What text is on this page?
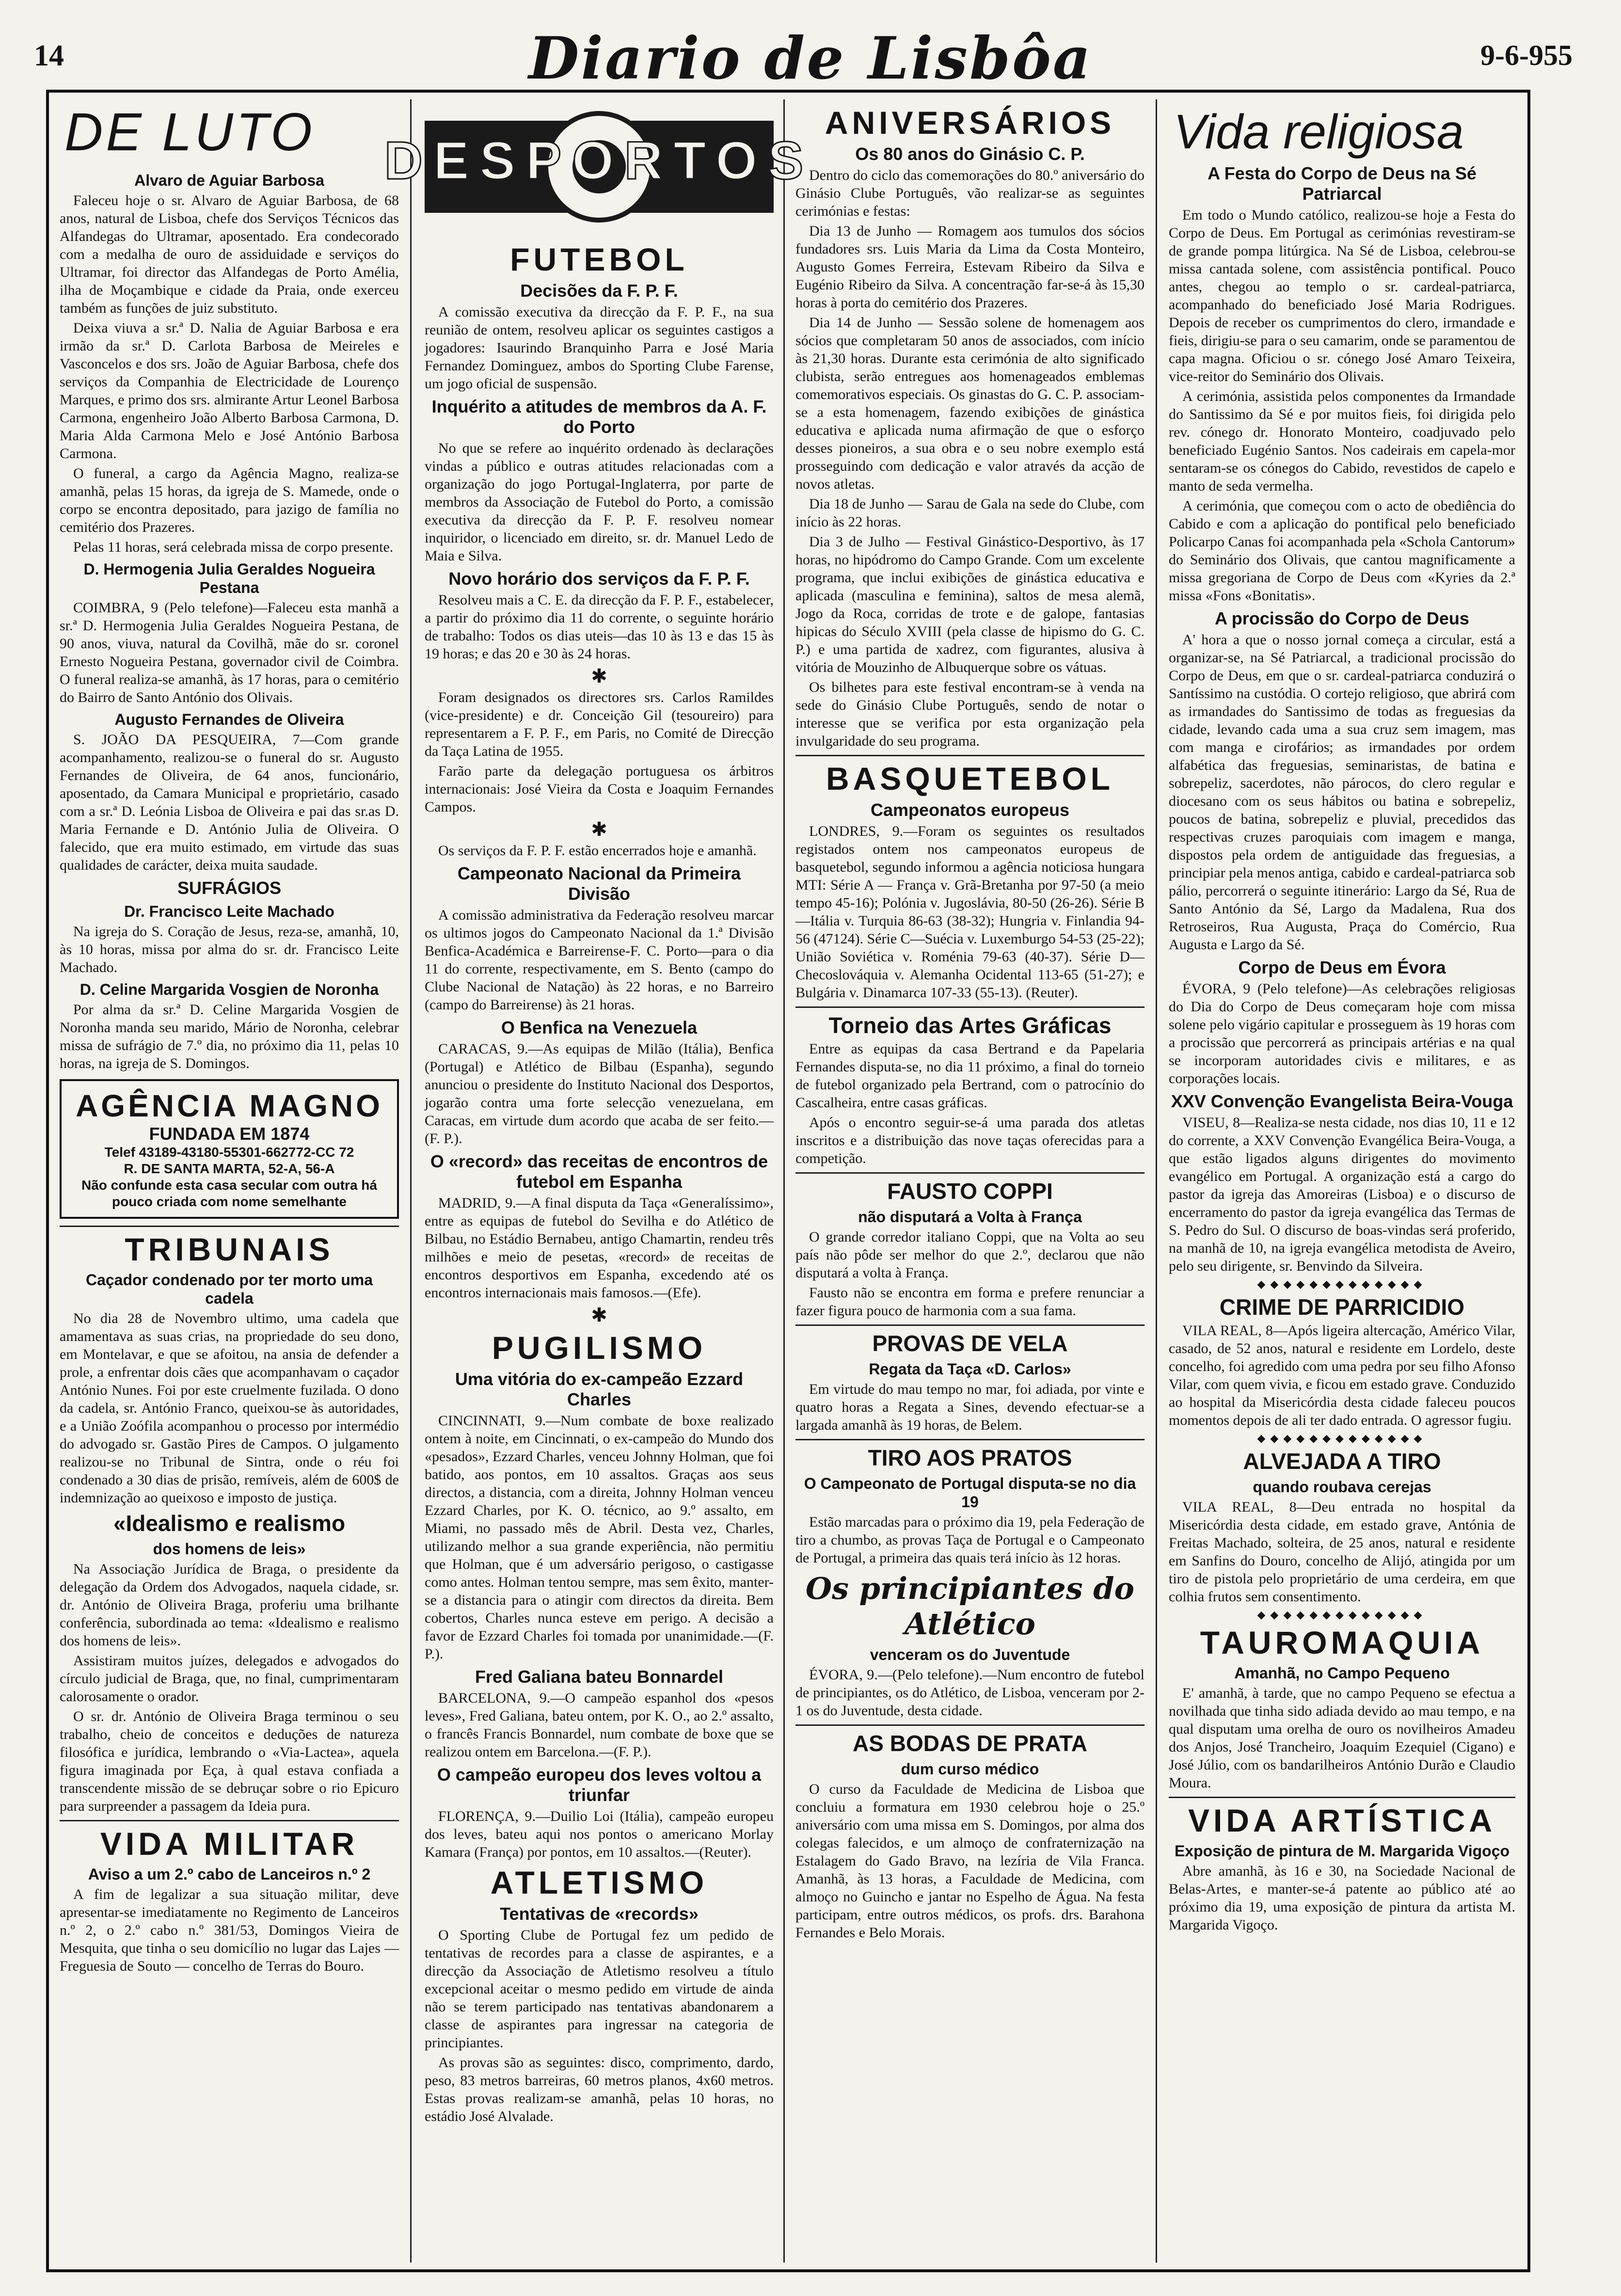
14	Diario de Lisbôa	9-6-955
DE LUTO
Alvaro de Aguiar Barbosa

Faleceu hoje o sr. Alvaro de Aguiar Barbosa, de 68 anos, natural de Lisboa, chefe dos Serviços Técnicos das Alfandegas do Ultramar, aposentado. Era condecorado com a medalha de ouro de assiduidade e serviços do Ultramar, foi director das Alfandegas de Porto Amélia, ilha de Moçambique e cidade da Praia, onde exerceu também as funções de juiz substituto.

Deixa viuva a sr.ª D. Nalia de Aguiar Barbosa e era irmão da sr.ª D. Carlota Barbosa de Meireles e Vasconcelos e dos srs. João de Aguiar Barbosa, chefe dos serviços da Companhia de Electricidade de Lourenço Marques, e primo dos srs. almirante Artur Leonel Barbosa Carmona, engenheiro João Alberto Barbosa Carmona, D. Maria Alda Carmona Melo e José António Barbosa Carmona.

O funeral, a cargo da Agência Magno, realiza-se amanhã, pelas 15 horas, da igreja de S. Mamede, onde o corpo se encontra depositado, para jazigo de família no cemitério dos Prazeres.

Pelas 11 horas, será celebrada missa de corpo presente.

D. Hermogenia Julia Geraldes Nogueira Pestana

COIMBRA, 9 (Pelo telefone)—Faleceu esta manhã a sr.ª D. Hermogenia Julia Geraldes Nogueira Pestana, de 90 anos, viuva, natural da Covilhã, mãe do sr. coronel Ernesto Nogueira Pestana, governador civil de Coimbra. O funeral realiza-se amanhã, às 17 horas, para o cemitério do Bairro de Santo António dos Olivais.

Augusto Fernandes de Oliveira

S. JOÃO DA PESQUEIRA, 7—Com grande acompanhamento, realizou-se o funeral do sr. Augusto Fernandes de Oliveira, de 64 anos, funcionário, aposentado, da Camara Municipal e proprietário, casado com a sr.ª D. Leónia Lisboa de Oliveira e pai das sr.as D. Maria Fernande e D. António Julia de Oliveira. O falecido, que era muito estimado, em virtude das suas qualidades de carácter, deixa muita saudade.

SUFRÁGIOS
Dr. Francisco Leite Machado

Na igreja do S. Coração de Jesus, reza-se, amanhã, 10, às 10 horas, missa por alma do sr. dr. Francisco Leite Machado.

D. Celine Margarida Vosgien de Noronha

Por alma da sr.ª D. Celine Margarida Vosgien de Noronha manda seu marido, Mário de Noronha, celebrar missa de sufrágio de 7.º dia, no próximo dia 11, pelas 10 horas, na igreja de S. Domingos.

AGÊNCIA MAGNO
FUNDADA EM 1874
Telef 43189-43180-55301-662772-CC 72
R. DE SANTA MARTA, 52-A, 56-A
Não confunde esta casa secular com outra há pouco criada com nome semelhante
TRIBUNAIS
Caçador condenado por ter morto uma cadela

No dia 28 de Novembro ultimo, uma cadela que amamentava as suas crias, na propriedade do seu dono, em Montelavar, e que se afoitou, na ansia de defender a prole, a enfrentar dois cães que acompanhavam o caçador António Nunes. Foi por este cruelmente fuzilada. O dono da cadela, sr. António Franco, queixou-se às autoridades, e a União Zoófila acompanhou o processo por intermédio do advogado sr. Gastão Pires de Campos. O julgamento realizou-se no Tribunal de Sintra, onde o réu foi condenado a 30 dias de prisão, remíveis, além de 600$ de indemnização ao queixoso e imposto de justiça.

«Idealismo e realismo
dos homens de leis»

Na Associação Jurídica de Braga, o presidente da delegação da Ordem dos Advogados, naquela cidade, sr. dr. António de Oliveira Braga, proferiu uma brilhante conferência, subordinada ao tema: «Idealismo e realismo dos homens de leis».

Assistiram muitos juízes, delegados e advogados do círculo judicial de Braga, que, no final, cumprimentaram calorosamente o orador.

O sr. dr. António de Oliveira Braga terminou o seu trabalho, cheio de conceitos e deduções de natureza filosófica e jurídica, lembrando o «Via-Lactea», aquela figura imaginada por Eça, à qual estava confiada a transcendente missão de se debruçar sobre o rio Epicuro para surpreender a passagem da Ideia pura.

VIDA MILITAR
Aviso a um 2.º cabo de Lanceiros n.º 2

A fim de legalizar a sua situação militar, deve apresentar-se imediatamente no Regimento de Lanceiros n.º 2, o 2.º cabo n.º 381/53, Domingos Vieira de Mesquita, que tinha o seu domicílio no lugar das Lajes — Freguesia de Souto — concelho de Terras do Bouro.

DESPORTOS
FUTEBOL
Decisões da F. P. F.

A comissão executiva da direcção da F. P. F., na sua reunião de ontem, resolveu aplicar os seguintes castigos a jogadores: Isaurindo Branquinho Parra e José Maria Fernandez Dominguez, ambos do Sporting Clube Farense, um jogo oficial de suspensão.

Inquérito a atitudes de membros da A. F. do Porto

No que se refere ao inquérito ordenado às declarações vindas a público e outras atitudes relacionadas com a organização do jogo Portugal-Inglaterra, por parte de membros da Associação de Futebol do Porto, a comissão executiva da direcção da F. P. F. resolveu nomear inquiridor, o licenciado em direito, sr. dr. Manuel Ledo de Maia e Silva.

Novo horário dos serviços da F. P. F.

Resolveu mais a C. E. da direcção da F. P. F., estabelecer, a partir do próximo dia 11 do corrente, o seguinte horário de trabalho: Todos os dias uteis—das 10 às 13 e das 15 às 19 horas; e das 20 e 30 às 24 horas.

✱

Foram designados os directores srs. Carlos Ramildes (vice-presidente) e dr. Conceição Gil (tesoureiro) para representarem a F. P. F., em Paris, no Comité de Direcção da Taça Latina de 1955.

Farão parte da delegação portuguesa os árbitros internacionais: José Vieira da Costa e Joaquim Fernandes Campos.

✱

Os serviços da F. P. F. estão encerrados hoje e amanhã.

Campeonato Nacional da Primeira Divisão

A comissão administrativa da Federação resolveu marcar os ultimos jogos do Campeonato Nacional da 1.ª Divisão Benfica-Académica e Barreirense-F. C. Porto—para o dia 11 do corrente, respectivamente, em S. Bento (campo do Clube Nacional de Natação) às 22 horas, e no Barreiro (campo do Barreirense) às 21 horas.

O Benfica na Venezuela

CARACAS, 9.—As equipas de Milão (Itália), Benfica (Portugal) e Atlético de Bilbau (Espanha), segundo anunciou o presidente do Instituto Nacional dos Desportos, jogarão contra uma forte selecção venezuelana, em Caracas, em virtude dum acordo que acaba de ser feito.—(F. P.).

O «record» das receitas de encontros de futebol em Espanha

MADRID, 9.—A final disputa da Taça «Generalíssimo», entre as equipas de futebol do Sevilha e do Atlético de Bilbau, no Estádio Bernabeu, antigo Chamartin, rendeu três milhões e meio de pesetas, «record» de receitas de encontros desportivos em Espanha, excedendo até os encontros internacionais mais famosos.—(Efe).

✱
PUGILISMO
Uma vitória do ex-campeão Ezzard Charles

CINCINNATI, 9.—Num combate de boxe realizado ontem à noite, em Cincinnati, o ex-campeão do Mundo dos «pesados», Ezzard Charles, venceu Johnny Holman, que foi batido, aos pontos, em 10 assaltos. Graças aos seus directos, a distancia, com a direita, Johnny Holman venceu Ezzard Charles, por K. O. técnico, ao 9.º assalto, em Miami, no passado mês de Abril. Desta vez, Charles, utilizando melhor a sua grande experiência, não permitiu que Holman, que é um adversário perigoso, o castigasse como antes. Holman tentou sempre, mas sem êxito, manter-se a distancia para o atingir com directos da direita. Bem cobertos, Charles nunca esteve em perigo. A decisão a favor de Ezzard Charles foi tomada por unanimidade.—(F. P.).

Fred Galiana bateu Bonnardel

BARCELONA, 9.—O campeão espanhol dos «pesos leves», Fred Galiana, bateu ontem, por K. O., ao 2.º assalto, o francês Francis Bonnardel, num combate de boxe que se realizou ontem em Barcelona.—(F. P.).

O campeão europeu dos leves voltou a triunfar

FLORENÇA, 9.—Duilio Loi (Itália), campeão europeu dos leves, bateu aqui nos pontos o americano Morlay Kamara (França) por pontos, em 10 assaltos.—(Reuter).

ATLETISMO
Tentativas de «records»

O Sporting Clube de Portugal fez um pedido de tentativas de recordes para a classe de aspirantes, e a direcção da Associação de Atletismo resolveu a título excepcional aceitar o mesmo pedido em virtude de ainda não se terem participado nas tentativas abandonarem a classe de aspirantes para ingressar na categoria de principiantes.

As provas são as seguintes: disco, comprimento, dardo, peso, 83 metros barreiras, 60 metros planos, 4x60 metros. Estas provas realizam-se amanhã, pelas 10 horas, no estádio José Alvalade.

ANIVERSÁRIOS
Os 80 anos do Ginásio C. P.

Dentro do ciclo das comemorações do 80.º aniversário do Ginásio Clube Português, vão realizar-se as seguintes cerimónias e festas:

Dia 13 de Junho — Romagem aos tumulos dos sócios fundadores srs. Luis Maria da Lima da Costa Monteiro, Augusto Gomes Ferreira, Estevam Ribeiro da Silva e Eugénio Ribeiro da Silva. A concentração far-se-á às 15,30 horas à porta do cemitério dos Prazeres.

Dia 14 de Junho — Sessão solene de homenagem aos sócios que completaram 50 anos de associados, com início às 21,30 horas. Durante esta cerimónia de alto significado clubista, serão entregues aos homenageados emblemas comemorativos especiais. Os ginastas do G. C. P. associam-se a esta homenagem, fazendo exibições de ginástica educativa e aplicada numa afirmação de que o esforço desses pioneiros, a sua obra e o seu nobre exemplo está prosseguindo com dedicação e valor através da acção de novos atletas.

Dia 18 de Junho — Sarau de Gala na sede do Clube, com início às 22 horas.

Dia 3 de Julho — Festival Ginástico-Desportivo, às 17 horas, no hipódromo do Campo Grande. Com um excelente programa, que inclui exibições de ginástica educativa e aplicada (masculina e feminina), saltos de mesa alemã, Jogo da Roca, corridas de trote e de galope, fantasias hipicas do Século XVIII (pela classe de hipismo do G. C. P.) e uma partida de xadrez, com figurantes, alusiva à vitória de Mouzinho de Albuquerque sobre os vátuas.

Os bilhetes para este festival encontram-se à venda na sede do Ginásio Clube Português, sendo de notar o interesse que se verifica por esta organização pela invulgaridade do seu programa.

BASQUETEBOL
Campeonatos europeus

LONDRES, 9.—Foram os seguintes os resultados registados ontem nos campeonatos europeus de basquetebol, segundo informou a agência noticiosa hungara MTI: Série A — França v. Grã-Bretanha por 97-50 (a meio tempo 45-16); Polónia v. Jugoslávia, 80-50 (26-26). Série B—Itália v. Turquia 86-63 (38-32); Hungria v. Finlandia 94-56 (47124). Série C—Suécia v. Luxemburgo 54-53 (25-22); União Soviética v. Roménia 79-63 (40-37). Série D—Checoslováquia v. Alemanha Ocidental 113-65 (51-27); e Bulgária v. Dinamarca 107-33 (55-13). (Reuter).

Torneio das Artes Gráficas

Entre as equipas da casa Bertrand e da Papelaria Fernandes disputa-se, no dia 11 próximo, a final do torneio de futebol organizado pela Bertrand, com o patrocínio do Cascalheira, entre casas gráficas.

Após o encontro seguir-se-á uma parada dos atletas inscritos e a distribuição das nove taças oferecidas para a competição.

FAUSTO COPPI
não disputará a Volta à França

O grande corredor italiano Coppi, que na Volta ao seu país não pôde ser melhor do que 2.º, declarou que não disputará a volta à França.

Fausto não se encontra em forma e prefere renunciar a fazer figura pouco de harmonia com a sua fama.

PROVAS DE VELA
Regata da Taça «D. Carlos»

Em virtude do mau tempo no mar, foi adiada, por vinte e quatro horas a Regata a Sines, devendo efectuar-se a largada amanhã às 19 horas, de Belem.

TIRO AOS PRATOS
O Campeonato de Portugal disputa-se no dia 19

Estão marcadas para o próximo dia 19, pela Federação de tiro a chumbo, as provas Taça de Portugal e o Campeonato de Portugal, a primeira das quais terá início às 12 horas.

Os principiantes do Atlético
venceram os do Juventude

ÉVORA, 9.—(Pelo telefone).—Num encontro de futebol de principiantes, os do Atlético, de Lisboa, venceram por 2-1 os do Juventude, desta cidade.

AS BODAS DE PRATA
dum curso médico

O curso da Faculdade de Medicina de Lisboa que concluiu a formatura em 1930 celebrou hoje o 25.º aniversário com uma missa em S. Domingos, por alma dos colegas falecidos, e um almoço de confraternização na Estalagem do Gado Bravo, na lezíria de Vila Franca. Amanhã, às 13 horas, a Faculdade de Medicina, com almoço no Guincho e jantar no Espelho de Água. Na festa participam, entre outros médicos, os profs. drs. Barahona Fernandes e Belo Morais.

Vida religiosa
A Festa do Corpo de Deus na Sé Patriarcal

Em todo o Mundo católico, realizou-se hoje a Festa do Corpo de Deus. Em Portugal as cerimónias revestiram-se de grande pompa litúrgica. Na Sé de Lisboa, celebrou-se missa cantada solene, com assistência pontifical. Pouco antes, chegou ao templo o sr. cardeal-patriarca, acompanhado do beneficiado José Maria Rodrigues. Depois de receber os cumprimentos do clero, irmandade e fieis, dirigiu-se para o seu camarim, onde se paramentou de capa magna. Oficiou o sr. cónego José Amaro Teixeira, vice-reitor do Seminário dos Olivais.

A cerimónia, assistida pelos componentes da Irmandade do Santissimo da Sé e por muitos fieis, foi dirigida pelo rev. cónego dr. Honorato Monteiro, coadjuvado pelo beneficiado Eugénio Santos. Nos cadeirais em capela-mor sentaram-se os cónegos do Cabido, revestidos de capelo e manto de seda vermelha.

A cerimónia, que começou com o acto de obediência do Cabido e com a aplicação do pontifical pelo beneficiado Policarpo Canas foi acompanhada pela «Schola Cantorum» do Seminário dos Olivais, que cantou magnificamente a missa gregoriana de Corpo de Deus com «Kyries da 2.ª missa «Fons «Bonitatis».

A procissão do Corpo de Deus

A' hora a que o nosso jornal começa a circular, está a organizar-se, na Sé Patriarcal, a tradicional procissão do Corpo de Deus, em que o sr. cardeal-patriarca conduzirá o Santíssimo na custódia. O cortejo religioso, que abrirá com as irmandades do Santissimo de todas as freguesias da cidade, levando cada uma a sua cruz sem imagem, mas com manga e cirofários; as irmandades por ordem alfabética das freguesias, seminaristas, de batina e sobrepeliz, sacerdotes, não párocos, do clero regular e diocesano com os seus hábitos ou batina e sobrepeliz, poucos de batina, sobrepeliz e pluvial, precedidos das respectivas cruzes paroquiais com imagem e manga, dispostos pela ordem de antiguidade das freguesias, a principiar pela menos antiga, cabido e cardeal-patriarca sob pálio, percorrerá o seguinte itinerário: Largo da Sé, Rua de Santo António da Sé, Largo da Madalena, Rua dos Retroseiros, Rua Augusta, Praça do Comércio, Rua Augusta e Largo da Sé.

Corpo de Deus em Évora

ÉVORA, 9 (Pelo telefone)—As celebrações religiosas do Dia do Corpo de Deus começaram hoje com missa solene pelo vigário capitular e prosseguem às 19 horas com a procissão que percorrerá as principais artérias e na qual se incorporam autoridades civis e militares, e as corporações locais.

XXV Convenção Evangelista Beira-Vouga

VISEU, 8—Realiza-se nesta cidade, nos dias 10, 11 e 12 do corrente, a XXV Convenção Evangélica Beira-Vouga, a que estão ligados alguns dirigentes do movimento evangélico em Portugal. A organização está a cargo do pastor da igreja das Amoreiras (Lisboa) e o discurso de encerramento do pastor da igreja evangélica das Termas de S. Pedro do Sul. O discurso de boas-vindas será proferido, na manhã de 10, na igreja evangélica metodista de Aveiro, pelo seu dirigente, sr. Benvindo da Silveira.

◆◆◆◆◆◆◆◆◆◆◆◆◆
CRIME DE PARRICIDIO

VILA REAL, 8—Após ligeira altercação, Américo Vilar, casado, de 52 anos, natural e residente em Lordelo, deste concelho, foi agredido com uma pedra por seu filho Afonso Vilar, com quem vivia, e ficou em estado grave. Conduzido ao hospital da Misericórdia desta cidade faleceu poucos momentos depois de ali ter dado entrada. O agressor fugiu.

◆◆◆◆◆◆◆◆◆◆◆◆◆
ALVEJADA A TIRO
quando roubava cerejas

VILA REAL, 8—Deu entrada no hospital da Misericórdia desta cidade, em estado grave, Antónia de Freitas Machado, solteira, de 25 anos, natural e residente em Sanfins do Douro, concelho de Alijó, atingida por um tiro de pistola pelo proprietário de uma cerdeira, em que colhia frutos sem consentimento.

◆◆◆◆◆◆◆◆◆◆◆◆◆
TAUROMAQUIA
Amanhã, no Campo Pequeno

E' amanhã, à tarde, que no campo Pequeno se efectua a novilhada que tinha sido adiada devido ao mau tempo, e na qual disputam uma orelha de ouro os novilheiros Amadeu dos Anjos, José Trancheiro, Joaquim Ezequiel (Cigano) e José Júlio, com os bandarilheiros António Durão e Claudio Moura.

VIDA ARTÍSTICA
Exposição de pintura de M. Margarida Vigoço

Abre amanhã, às 16 e 30, na Sociedade Nacional de Belas-Artes, e manter-se-á patente ao público até ao próximo dia 19, uma exposição de pintura da artista M. Margarida Vigoço.
